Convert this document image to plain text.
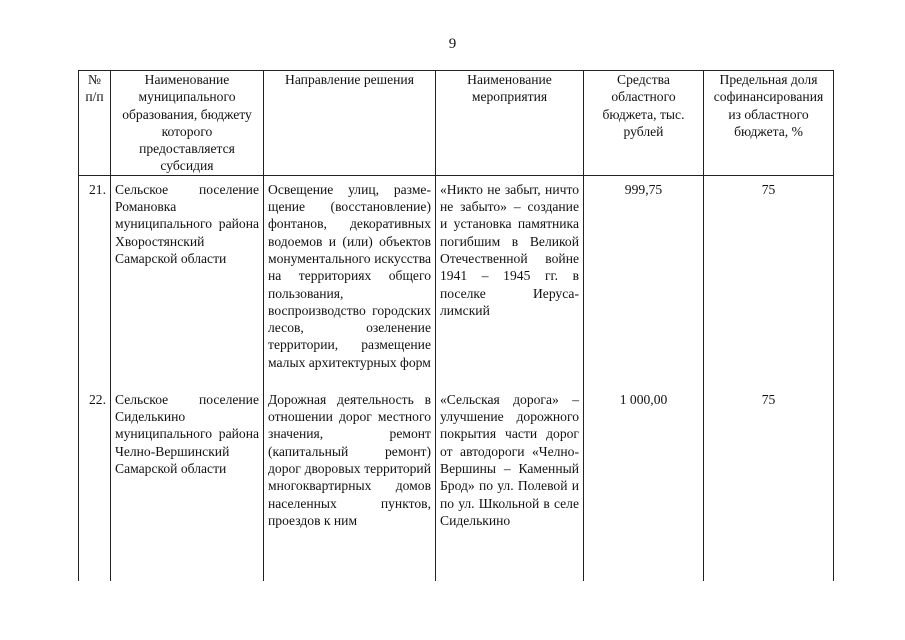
9
№ п/п	Наименование муниципального образования, бюджету которого предоставляется субсидия	Направление решения	Наименование мероприятия	Средства областного бюджета, тыс. рублей	Предельная доля софинансирования из областного бюджета, %
21.	Сельское поселение Романовка муниципального района Хворостянский Самарской области	Освещение улиц, размещение (восстановление) фонтанов, декоративных водоемов и (или) объектов монументального искусства на территориях общего пользования, воспроизводство городских лесов, озеленение территории, размещение малых архитектурных форм	«Никто не забыт, ничто не забыто» – создание и установка памятника погибшим в Великой Отечественной войне 1941 – 1945 гг. в поселке Иерусалимский	999,75	75
22.	Сельское поселение Сиделькино муниципального района Челно-Вершинский Самарской области	Дорожная деятельность в отношении дорог местного значения, ремонт (капитальный ремонт) дорог дворовых территорий многоквартирных домов населенных пунктов, проездов к ним	«Сельская дорога» – улучшение дорожного покрытия части дорог от автодороги «Челно-Вершины – Каменный Брод» по ул. Полевой и по ул. Школьной в селе Сиделькино	1 000,00	75
